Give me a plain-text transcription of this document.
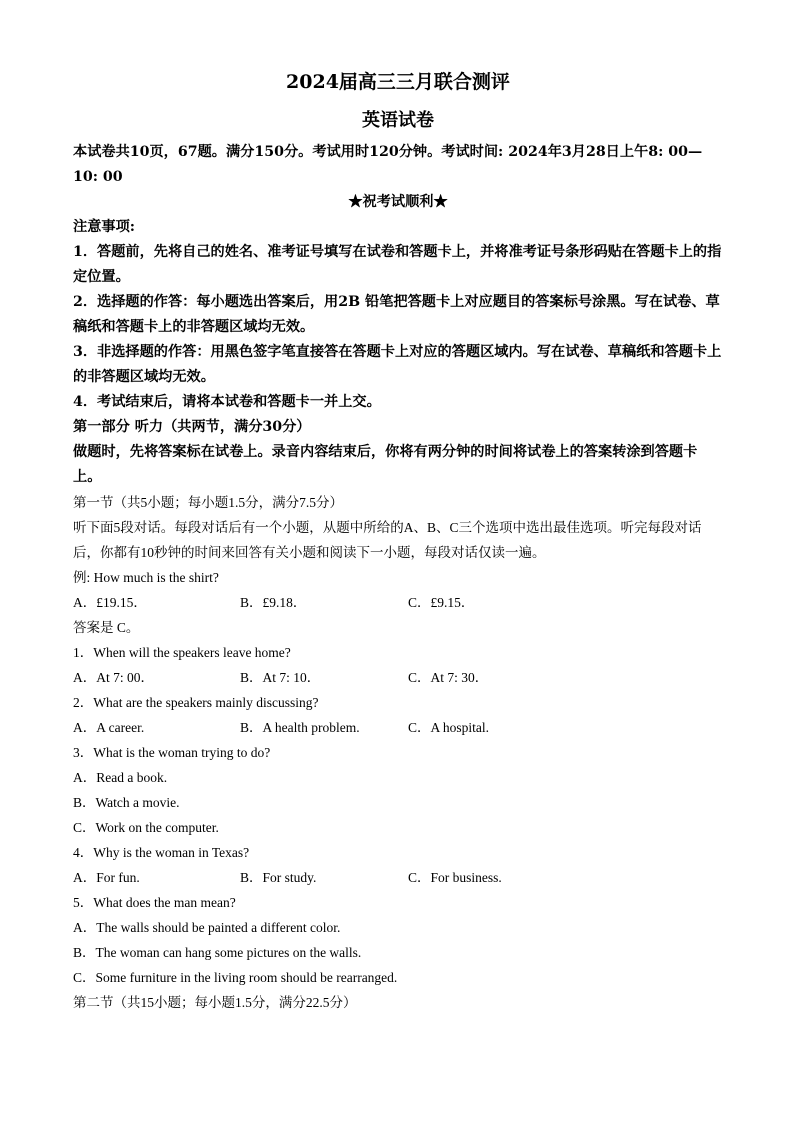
2024届高三三月联合测评
英语试卷
本试卷共10页，67题。满分150分。考试用时120分钟。考试时间: 2024年3月28日上午8: 00—10: 00
★祝考试顺利★
注意事项:
1．答题前，先将自己的姓名、准考证号填写在试卷和答题卡上，并将准考证号条形码贴在答题卡上的指定位置。
2．选择题的作答：每小题选出答案后，用2B 铅笔把答题卡上对应题目的答案标号涂黑。写在试卷、草稿纸和答题卡上的非答题区域均无效。
3．非选择题的作答：用黑色签字笔直接答在答题卡上对应的答题区域内。写在试卷、草稿纸和答题卡上的非答题区域均无效。
4．考试结束后，请将本试卷和答题卡一并上交。
第一部分 听力（共两节，满分30分）
做题时，先将答案标在试卷上。录音内容结束后，你将有两分钟的时间将试卷上的答案转涂到答题卡上。
第一节（共5小题；每小题1.5分，满分7.5分）
听下面5段对话。每段对话后有一个小题，从题中所给的A、B、C三个选项中选出最佳选项。听完每段对话后，你都有10秒钟的时间来回答有关小题和阅读下一小题，每段对话仅读一遍。
例: How much is the shirt?
A．£19.15．	B．£9.18．	C．£9.15．
答案是 C。
1．When will the speakers leave home?
A．At 7: 00．	B．At 7: 10．	C．At 7: 30．
2．What are the speakers mainly discussing?
A．A career.	B．A health problem.	C．A hospital.
3．What is the woman trying to do?
A．Read a book.
B．Watch a movie.
C．Work on the computer.
4．Why is the woman in Texas?
A．For fun.	B．For study.	C．For business.
5．What does the man mean?
A．The walls should be painted a different color.
B．The woman can hang some pictures on the walls.
C．Some furniture in the living room should be rearranged.
第二节（共15小题；每小题1.5分，满分22.5分）
